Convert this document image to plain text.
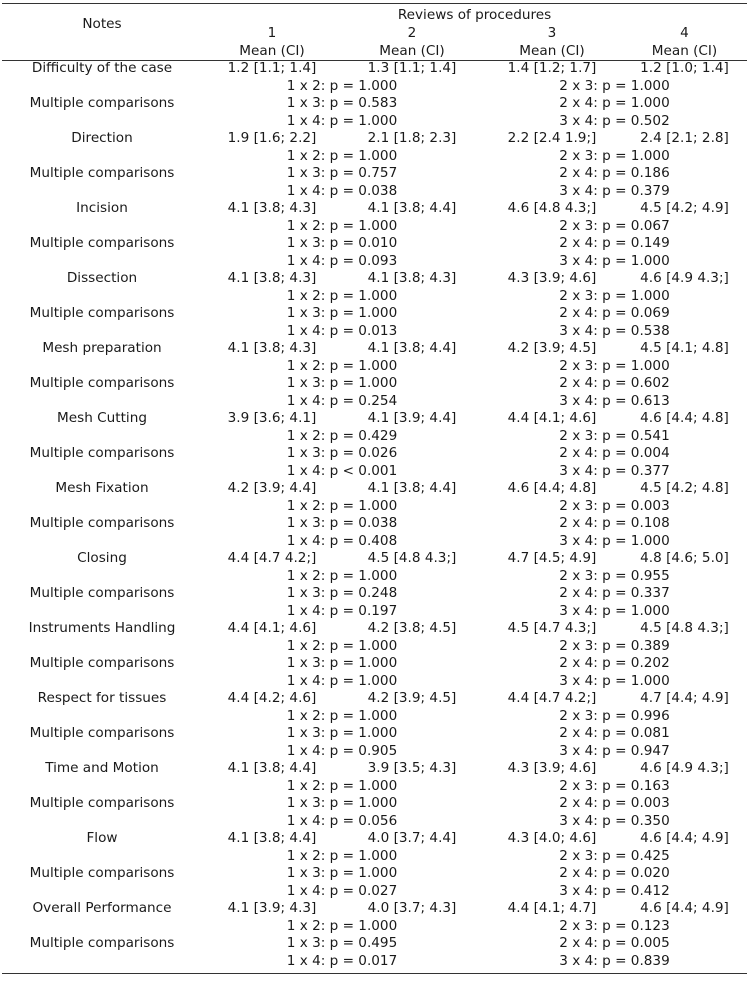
Notes	Reviews of procedures			
	1	2	3	4
	Mean (CI)	Mean (CI)	Mean (CI)	Mean (CI)
Difficulty of the case	1.2 [1.1; 1.4]	1.3 [1.1; 1.4]	1.4 [1.2; 1.7]	1.2 [1.0; 1.4]
Multiple comparisons	1 x 2: p = 1.000		2 x 3: p = 1.000	
	1 x 3: p = 0.583		2 x 4: p = 1.000	
	1 x 4: p = 1.000		3 x 4: p = 0.502	
Direction	1.9 [1.6; 2.2]	2.1 [1.8; 2.3]	2.2 [2.4 1.9;]	2.4 [2.1; 2.8]
Multiple comparisons	1 x 2: p = 1.000		2 x 3: p = 1.000	
	1 x 3: p = 0.757		2 x 4: p = 0.186	
	1 x 4: p = 0.038		3 x 4: p = 0.379	
Incision	4.1 [3.8; 4.3]	4.1 [3.8; 4.4]	4.6 [4.8 4.3;]	4.5 [4.2; 4.9]
Multiple comparisons	1 x 2: p = 1.000		2 x 3: p = 0.067	
	1 x 3: p = 0.010		2 x 4: p = 0.149	
	1 x 4: p = 0.093		3 x 4: p = 1.000	
Dissection	4.1 [3.8; 4.3]	4.1 [3.8; 4.3]	4.3 [3.9; 4.6]	4.6 [4.9 4.3;]
Multiple comparisons	1 x 2: p = 1.000		2 x 3: p = 1.000	
	1 x 3: p = 1.000		2 x 4: p = 0.069	
	1 x 4: p = 0.013		3 x 4: p = 0.538	
Mesh preparation	4.1 [3.8; 4.3]	4.1 [3.8; 4.4]	4.2 [3.9; 4.5]	4.5 [4.1; 4.8]
Multiple comparisons	1 x 2: p = 1.000		2 x 3: p = 1.000	
	1 x 3: p = 1.000		2 x 4: p = 0.602	
	1 x 4: p = 0.254		3 x 4: p = 0.613	
Mesh Cutting	3.9 [3.6; 4.1]	4.1 [3.9; 4.4]	4.4 [4.1; 4.6]	4.6 [4.4; 4.8]
Multiple comparisons	1 x 2: p = 0.429		2 x 3: p = 0.541	
	1 x 3: p = 0.026		2 x 4: p = 0.004	
	1 x 4: p < 0.001		3 x 4: p = 0.377	
Mesh Fixation	4.2 [3.9; 4.4]	4.1 [3.8; 4.4]	4.6 [4.4; 4.8]	4.5 [4.2; 4.8]
Multiple comparisons	1 x 2: p = 1.000		2 x 3: p = 0.003	
	1 x 3: p = 0.038		2 x 4: p = 0.108	
	1 x 4: p = 0.408		3 x 4: p = 1.000	
Closing	4.4 [4.7 4.2;]	4.5 [4.8 4.3;]	4.7 [4.5; 4.9]	4.8 [4.6; 5.0]
Multiple comparisons	1 x 2: p = 1.000		2 x 3: p = 0.955	
	1 x 3: p = 0.248		2 x 4: p = 0.337	
	1 x 4: p = 0.197		3 x 4: p = 1.000	
Instruments Handling	4.4 [4.1; 4.6]	4.2 [3.8; 4.5]	4.5 [4.7 4.3;]	4.5 [4.8 4.3;]
Multiple comparisons	1 x 2: p = 1.000		2 x 3: p = 0.389	
	1 x 3: p = 1.000		2 x 4: p = 0.202	
	1 x 4: p = 1.000		3 x 4: p = 1.000	
Respect for tissues	4.4 [4.2; 4.6]	4.2 [3.9; 4.5]	4.4 [4.7 4.2;]	4.7 [4.4; 4.9]
Multiple comparisons	1 x 2: p = 1.000		2 x 3: p = 0.996	
	1 x 3: p = 1.000		2 x 4: p = 0.081	
	1 x 4: p = 0.905		3 x 4: p = 0.947	
Time and Motion	4.1 [3.8; 4.4]	3.9 [3.5; 4.3]	4.3 [3.9; 4.6]	4.6 [4.9 4.3;]
Multiple comparisons	1 x 2: p = 1.000		2 x 3: p = 0.163	
	1 x 3: p = 1.000		2 x 4: p = 0.003	
	1 x 4: p = 0.056		3 x 4: p = 0.350	
Flow	4.1 [3.8; 4.4]	4.0 [3.7; 4.4]	4.3 [4.0; 4.6]	4.6 [4.4; 4.9]
Multiple comparisons	1 x 2: p = 1.000		2 x 3: p = 0.425	
	1 x 3: p = 1.000		2 x 4: p = 0.020	
	1 x 4: p = 0.027		3 x 4: p = 0.412	
Overall Performance	4.1 [3.9; 4.3]	4.0 [3.7; 4.3]	4.4 [4.1; 4.7]	4.6 [4.4; 4.9]
Multiple comparisons	1 x 2: p = 1.000		2 x 3: p = 0.123	
	1 x 3: p = 0.495		2 x 4: p = 0.005	
	1 x 4: p = 0.017		3 x 4: p = 0.839	
